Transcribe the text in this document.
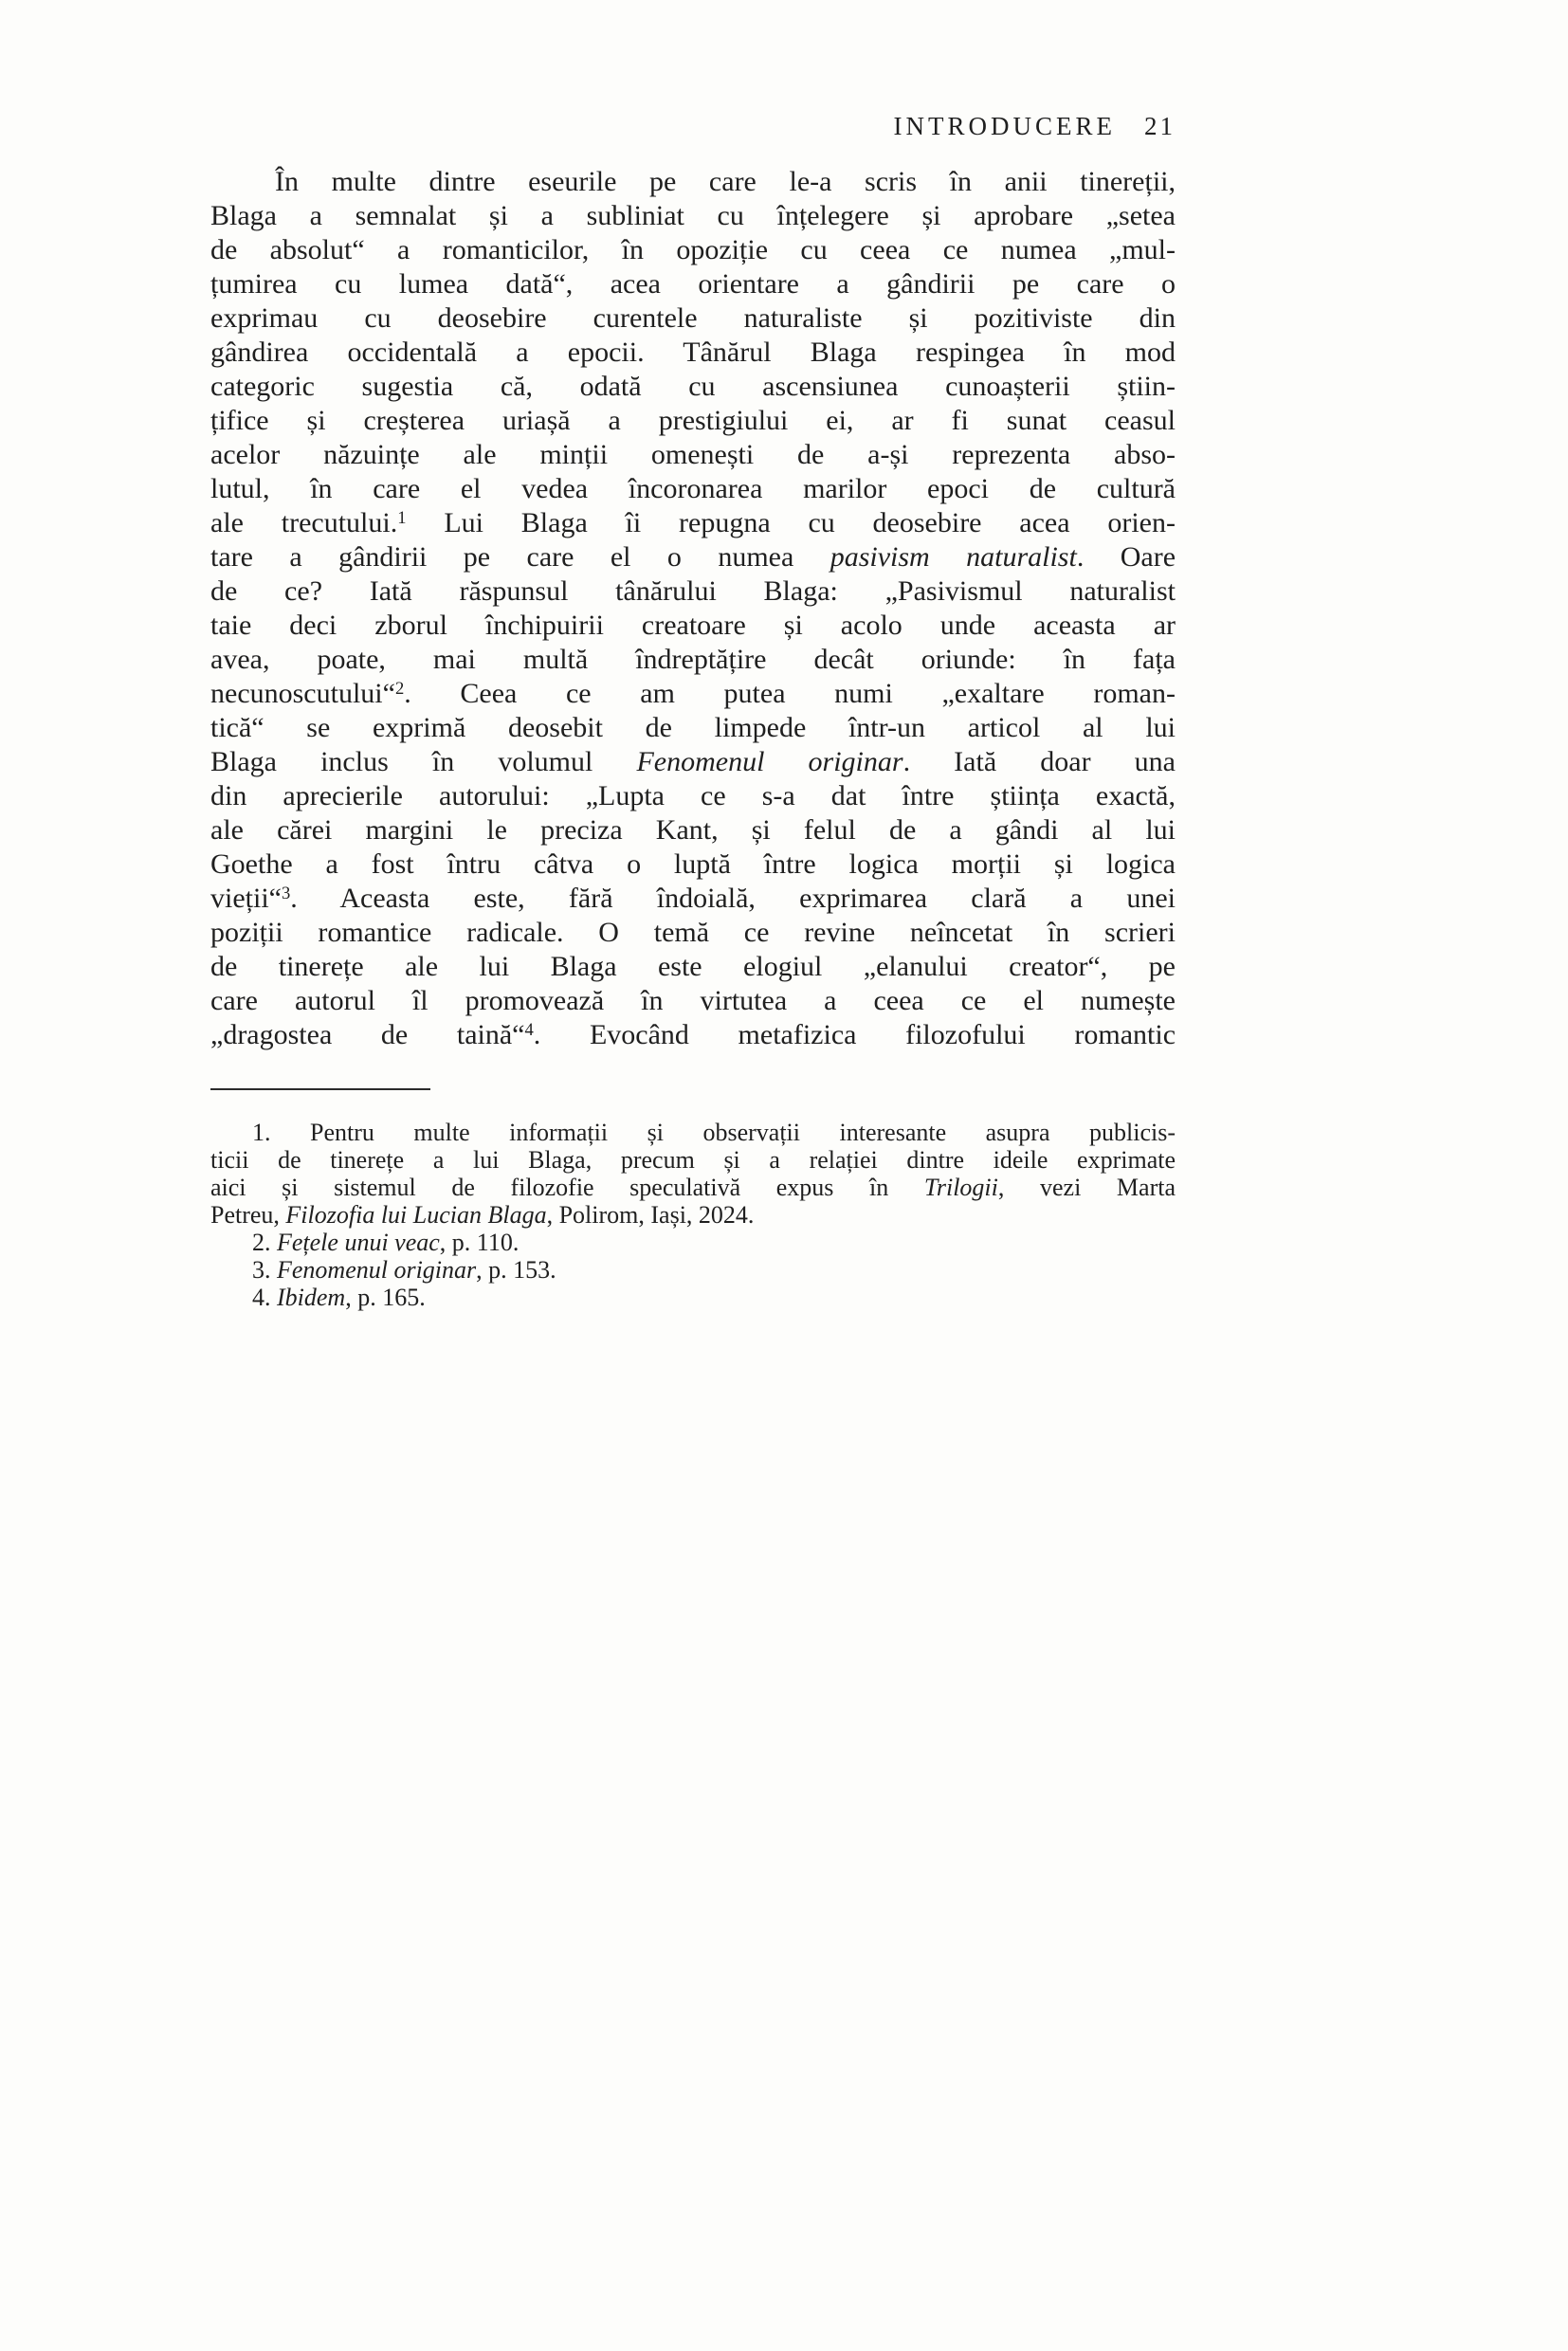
INTRODUCERE 21
În multe dintre eseurile pe care le-a scris în anii tinereții,
Blaga a semnalat și a subliniat cu înțelegere și aprobare „setea
de absolut“ a romanticilor, în opoziție cu ceea ce numea „mul-
țumirea cu lumea dată“, acea orientare a gândirii pe care o
exprimau cu deosebire curentele naturaliste și pozitiviste din
gândirea occidentală a epocii. Tânărul Blaga respingea în mod
categoric sugestia că, odată cu ascensiunea cunoașterii știin-
țifice și creșterea uriașă a prestigiului ei, ar fi sunat ceasul
acelor năzuințe ale minții omenești de a-și reprezenta abso-
lutul, în care el vedea încoronarea marilor epoci de cultură
ale trecutului.$^1$ Lui Blaga îi repugna cu deosebire acea orien-
tare a gândirii pe care el o numea pasivism naturalist. Oare
de ce? Iată răspunsul tânărului Blaga: „Pasivismul naturalist
taie deci zborul închipuirii creatoare și acolo unde aceasta ar
avea, poate, mai multă îndreptățire decât oriunde: în fața
necunoscutului“$^2$. Ceea ce am putea numi „exaltare roman-
tică“ se exprimă deosebit de limpede într-un articol al lui
Blaga inclus în volumul Fenomenul originar. Iată doar una
din aprecierile autorului: „Lupta ce s-a dat între știința exactă,
ale cărei margini le preciza Kant, și felul de a gândi al lui
Goethe a fost întru câtva o luptă între logica morții și logica
vieții“$^3$. Aceasta este, fără îndoială, exprimarea clară a unei
poziții romantice radicale. O temă ce revine neîncetat în scrieri
de tinerețe ale lui Blaga este elogiul „elanului creator“, pe
care autorul îl promovează în virtutea a ceea ce el numește
„dragostea de taină“$^4$. Evocând metafizica filozofului romantic
1. Pentru multe informații și observații interesante asupra publicis-
ticii de tinerețe a lui Blaga, precum și a relației dintre ideile exprimate
aici și sistemul de filozofie speculativă expus în Trilogii, vezi Marta
Petreu, Filozofia lui Lucian Blaga, Polirom, Iași, 2024.
2. Fețele unui veac, p. 110.
3. Fenomenul originar, p. 153.
4. Ibidem, p. 165.
